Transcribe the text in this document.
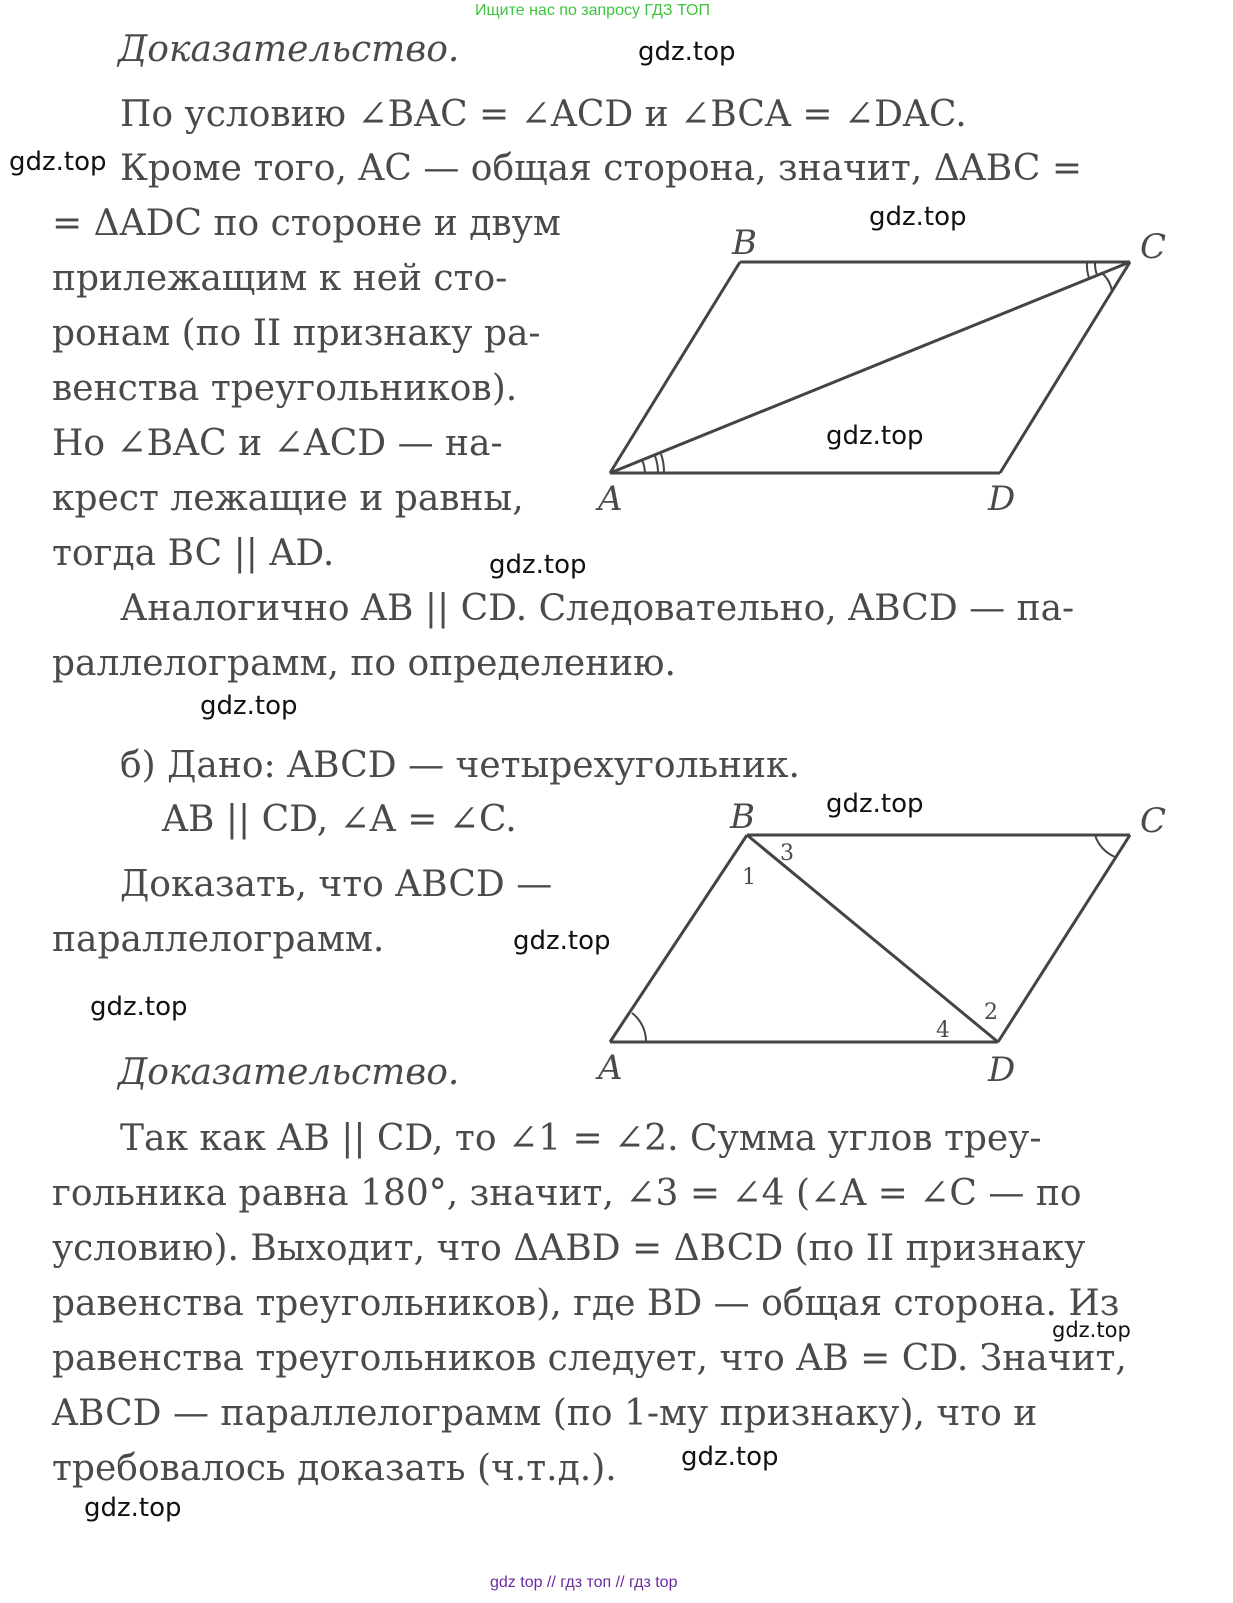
Ищите нас по запросу ГДЗ ТОП
Доказательство.
По условию ∠BAC = ∠ACD и ∠BCA = ∠DAC.
Кроме того, AC — общая сторона, значит, ΔABC =
= ΔADC по стороне и двум
прилежащим к ней сто-
ронам (по II признаку ра-
венства треугольников).
Но ∠BAC и ∠ACD — на-
крест лежащие и равны,
тогда BC || AD.
Аналогично AB || CD. Следовательно, ABCD — па-
раллелограмм, по определению.
A
B	C
D
б) Дано: ABCD — четырехугольник.
AB || CD, ∠A = ∠C.
Доказать, что ABCD —
параллелограмм.
Доказательство.	A
B	C
D
1
2
3
4
Так как AB || CD, то ∠1 = ∠2. Сумма углов треу-
гольника равна 180°, значит, ∠3 = ∠4 (∠A = ∠C — по
условию). Выходит, что ΔABD = ΔBCD (по II признаку
равенства треугольников), где BD — общая сторона. Из
равенства треугольников следует, что AB = CD. Значит,
ABCD — параллелограмм (по 1-му признаку), что и
требовалось доказать (ч.т.д.).
gdz.top
gdz.top
gdz.top
gdz.top
gdz.top
gdz.top
gdz.top
gdz.top
gdz.top
gdz.top
gdz.top
gdz.top
gdz top // гдз топ // гдз top
